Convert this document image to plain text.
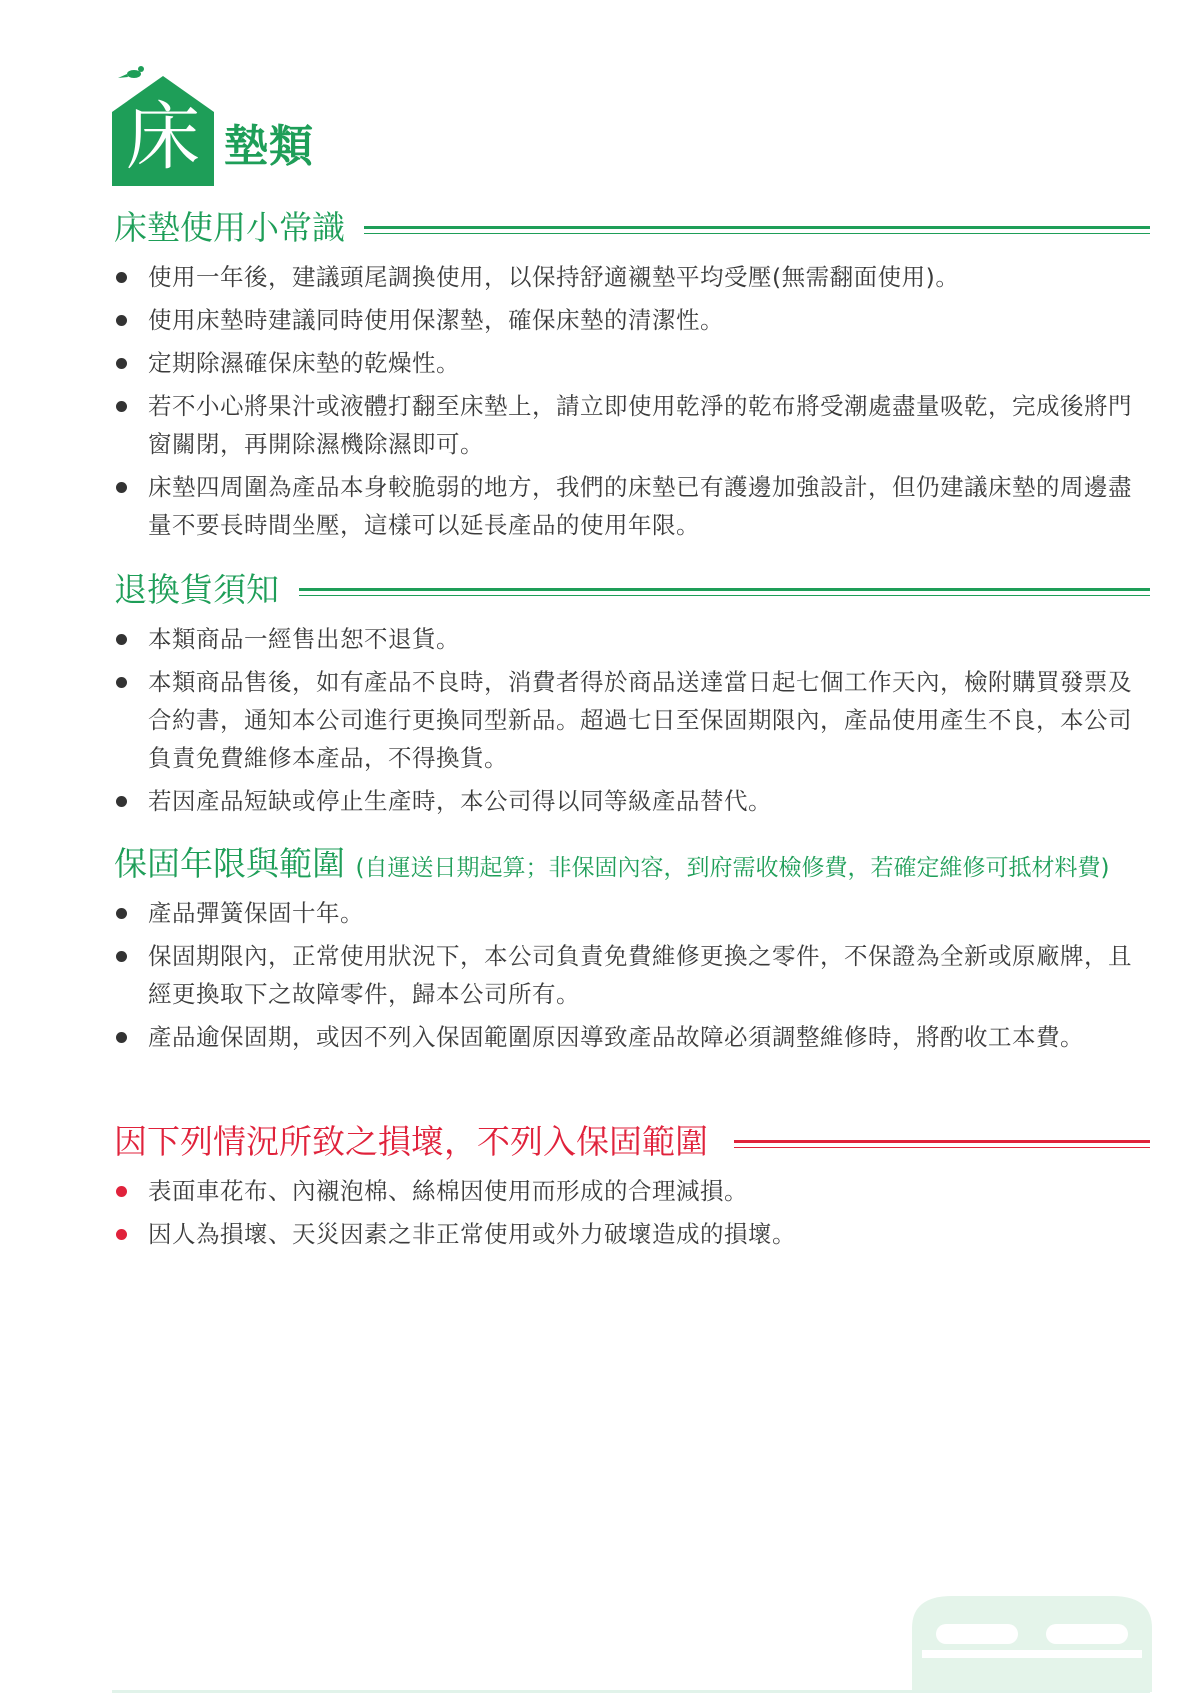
床 墊類
床墊使用小常識
使用一年後，建議頭尾調換使用，以保持舒適襯墊平均受壓(無需翻面使用)。
使用床墊時建議同時使用保潔墊，確保床墊的清潔性。
定期除濕確保床墊的乾燥性。
若不小心將果汁或液體打翻至床墊上，請立即使用乾淨的乾布將受潮處盡量吸乾，完成後將門窗關閉，再開除濕機除濕即可。
床墊四周圍為產品本身較脆弱的地方，我們的床墊已有護邊加強設計，但仍建議床墊的周邊盡量不要長時間坐壓，這樣可以延長產品的使用年限。
退換貨須知
本類商品一經售出恕不退貨。
本類商品售後，如有產品不良時，消費者得於商品送達當日起七個工作天內，檢附購買發票及合約書，通知本公司進行更換同型新品。超過七日至保固期限內，產品使用產生不良，本公司負責免費維修本產品，不得換貨。
若因產品短缺或停止生產時，本公司得以同等級產品替代。
保固年限與範圍 (自運送日期起算；非保固內容，到府需收檢修費，若確定維修可抵材料費)
產品彈簧保固十年。
保固期限內，正常使用狀況下，本公司負責免費維修更換之零件，不保證為全新或原廠牌，且經更換取下之故障零件，歸本公司所有。
產品逾保固期，或因不列入保固範圍原因導致產品故障必須調整維修時，將酌收工本費。
因下列情況所致之損壞，不列入保固範圍
表面車花布、內襯泡棉、絲棉因使用而形成的合理減損。
因人為損壞、天災因素之非正常使用或外力破壞造成的損壞。
